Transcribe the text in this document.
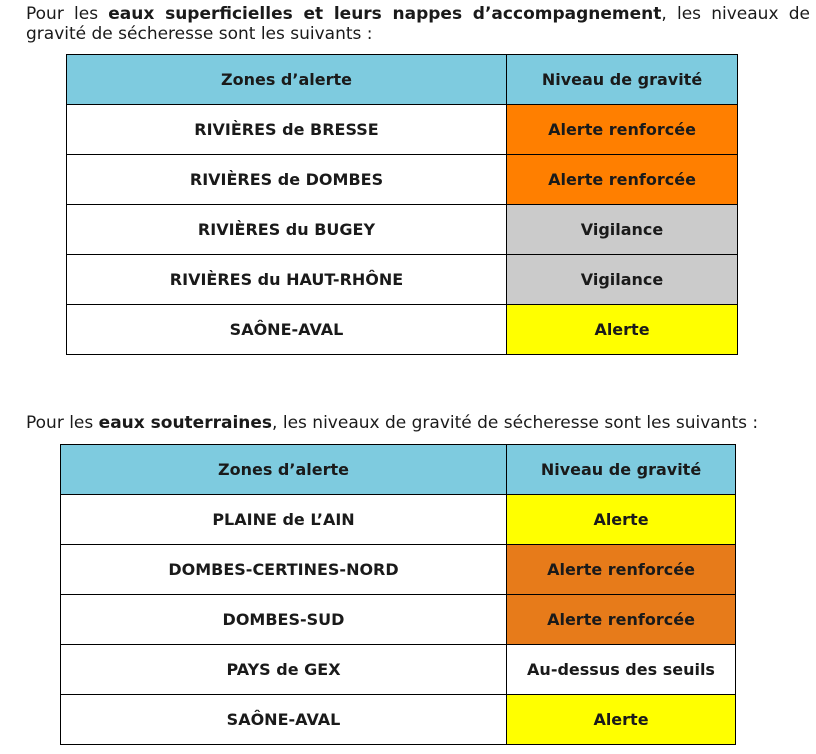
Pour les eaux superficielles et leurs nappes d’accompagnement, les niveaux de gravité de sécheresse sont les suivants :

Zones d’alerte	Niveau de gravité
RIVIÈRES de BRESSE	Alerte renforcée
RIVIÈRES de DOMBES	Alerte renforcée
RIVIÈRES du BUGEY	Vigilance
RIVIÈRES du HAUT-RHÔNE	Vigilance
SAÔNE-AVAL	Alerte

Pour les eaux souterraines, les niveaux de gravité de sécheresse sont les suivants :

Zones d’alerte	Niveau de gravité
PLAINE de L’AIN	Alerte
DOMBES-CERTINES-NORD	Alerte renforcée
DOMBES-SUD	Alerte renforcée
PAYS de GEX	Au-dessus des seuils
SAÔNE-AVAL	Alerte
